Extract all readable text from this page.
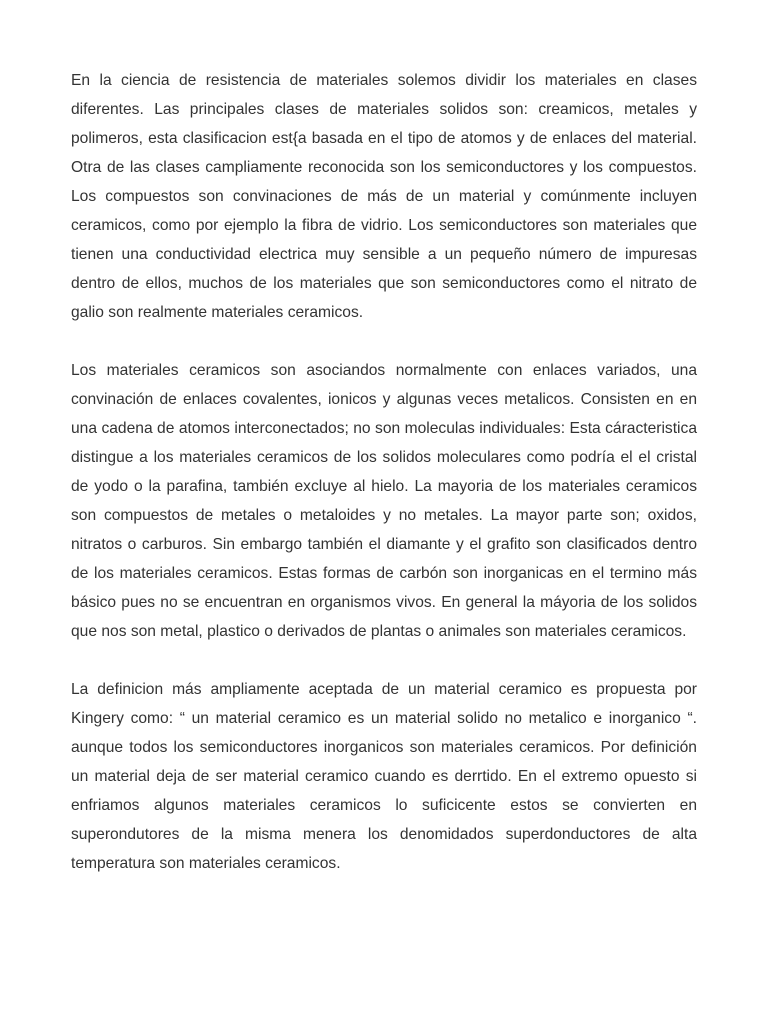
En la ciencia de resistencia de materiales solemos dividir los materiales en clases diferentes. Las principales clases de materiales solidos son: creamicos, metales y polimeros, esta clasificacion est{a basada en el tipo de atomos y de enlaces del material. Otra de las clases campliamente reconocida son los semiconductores y los compuestos. Los compuestos son convinaciones de más de un material y comúnmente incluyen ceramicos, como por ejemplo la fibra de vidrio. Los semiconductores son materiales que tienen una conductividad electrica muy sensible a un pequeño número de impuresas dentro de ellos, muchos de los materiales que son semiconductores como el nitrato de galio son realmente materiales ceramicos.

Los materiales ceramicos son asociandos normalmente con enlaces variados, una convinación de enlaces covalentes, ionicos y algunas veces metalicos. Consisten en en una cadena de atomos interconectados; no son moleculas individuales: Esta cáracteristica distingue a los materiales ceramicos de los solidos moleculares como podría el el cristal de yodo o la parafina, también excluye al hielo. La mayoria de los materiales ceramicos son compuestos de metales o metaloides y no metales. La mayor parte son; oxidos, nitratos o carburos. Sin embargo también el diamante y el grafito son clasificados dentro de los materiales ceramicos. Estas formas de carbón son inorganicas en el termino más básico pues no se encuentran en organismos vivos. En general la máyoria de los solidos que nos son metal, plastico o derivados de plantas o animales son materiales ceramicos.

La definicion más ampliamente aceptada de un material ceramico es propuesta por Kingery como: “ un material ceramico es un material solido no metalico e inorganico “. aunque todos los semiconductores inorganicos son materiales ceramicos. Por definición un material deja de ser material ceramico cuando es derrtido. En el extremo opuesto si enfriamos algunos materiales ceramicos lo suficicente estos se convierten en superondutores de la misma menera los denomidados superdonductores de alta temperatura son materiales ceramicos.
